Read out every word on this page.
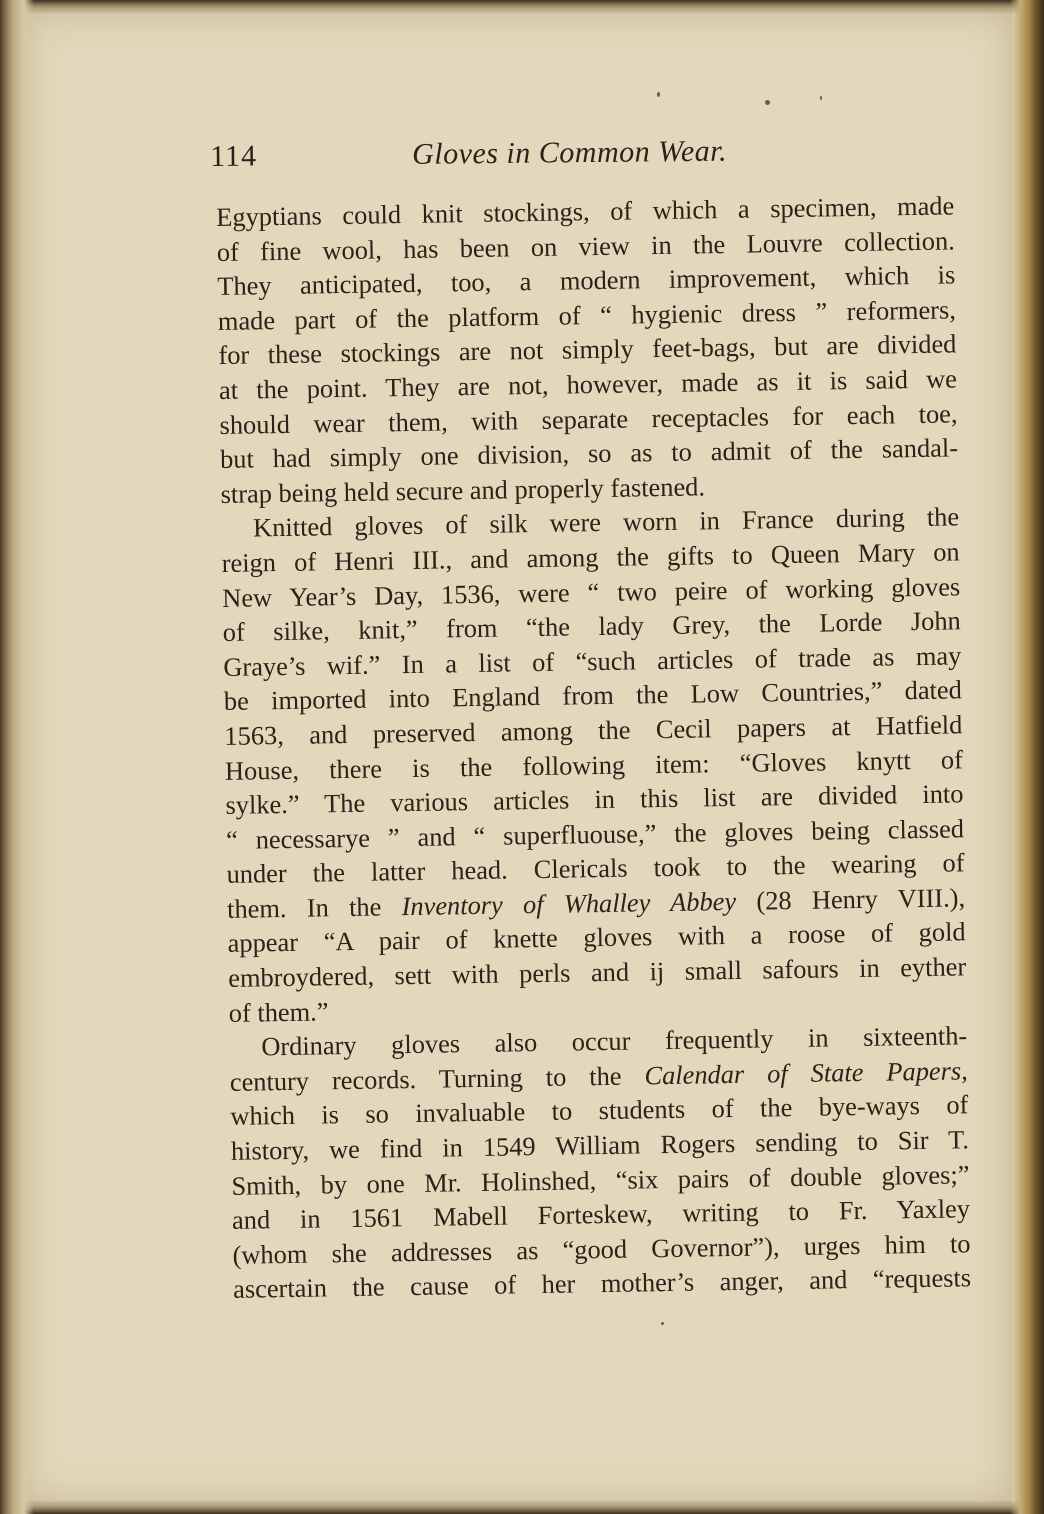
114	Gloves in Common Wear.
Egyptians could knit stockings, of which a specimen, made
of fine wool, has been on view in the Louvre collection.
They anticipated, too, a modern improvement, which is
made part of the platform of “ hygienic dress ” reformers,
for these stockings are not simply feet-bags, but are divided
at the point. They are not, however, made as it is said we
should wear them, with separate receptacles for each toe,
but had simply one division, so as to admit of the sandal-
strap being held secure and properly fastened.
Knitted gloves of silk were worn in France during the
reign of Henri III., and among the gifts to Queen Mary on
New Year’s Day, 1536, were “ two peire of working gloves
of silke, knit,” from “the lady Grey, the Lorde John
Graye’s wif.” In a list of “such articles of trade as may
be imported into England from the Low Countries,” dated
1563, and preserved among the Cecil papers at Hatfield
House, there is the following item: “Gloves knytt of
sylke.” The various articles in this list are divided into
“ necessarye ” and “ superfluouse,” the gloves being classed
under the latter head. Clericals took to the wearing of
them. In the Inventory of Whalley Abbey (28 Henry VIII.),
appear “A pair of knette gloves with a roose of gold
embroydered, sett with perls and ij small safours in eyther
of them.”
Ordinary gloves also occur frequently in sixteenth-
century records. Turning to the Calendar of State Papers,
which is so invaluable to students of the bye-ways of
history, we find in 1549 William Rogers sending to Sir T.
Smith, by one Mr. Holinshed, “six pairs of double gloves;”
and in 1561 Mabell Forteskew, writing to Fr. Yaxley
(whom she addresses as “good Governor”), urges him to
ascertain the cause of her mother’s anger, and “requests
